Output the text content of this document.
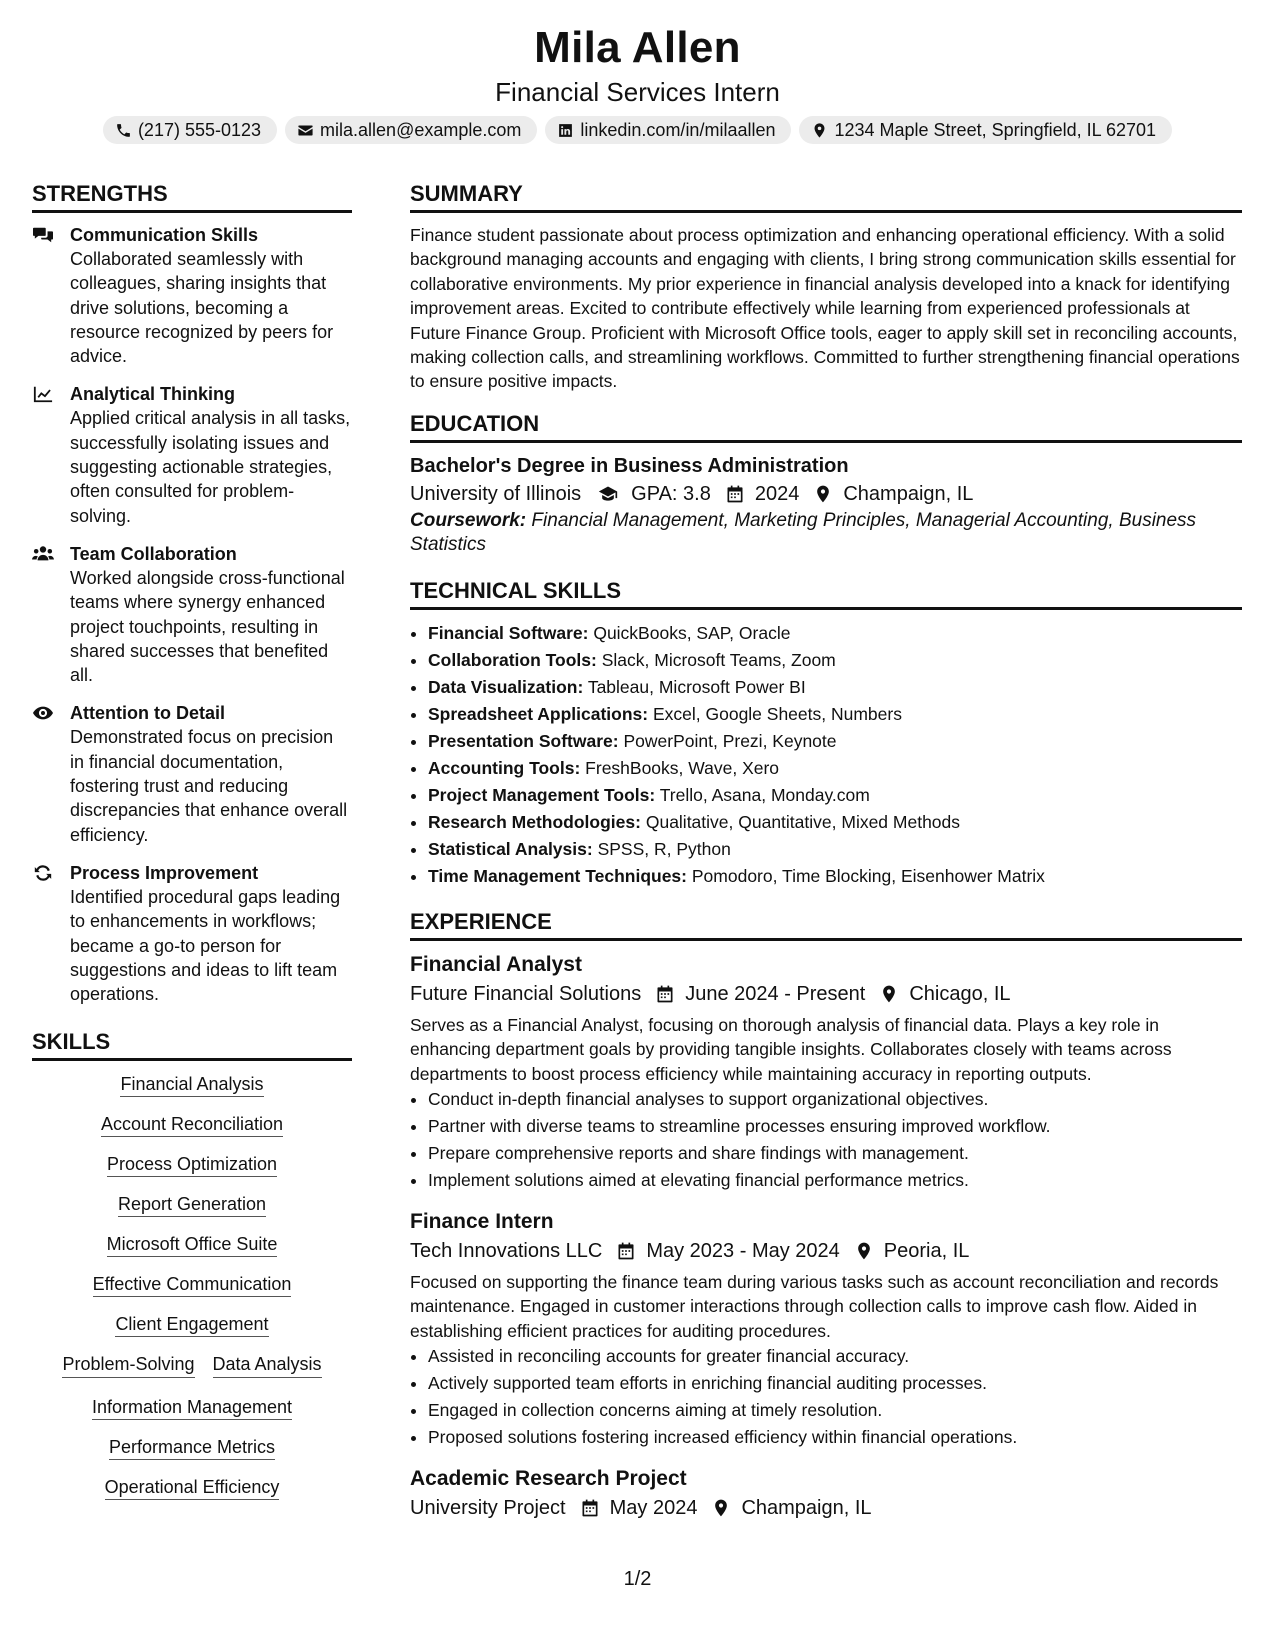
Mila Allen
Financial Services Intern
(217) 555-0123	mila.allen@example.com	linkedin.com/in/milaallen	1234 Maple Street, Springfield, IL 62701
STRENGTHS
Communication Skills
Collaborated seamlessly with colleagues, sharing insights that drive solutions, becoming a resource recognized by peers for advice.
Analytical Thinking
Applied critical analysis in all tasks, successfully isolating issues and suggesting actionable strategies, often consulted for problem-solving.
Team Collaboration
Worked alongside cross-functional teams where synergy enhanced project touchpoints, resulting in shared successes that benefited all.
Attention to Detail
Demonstrated focus on precision in financial documentation, fostering trust and reducing discrepancies that enhance overall efficiency.
Process Improvement
Identified procedural gaps leading to enhancements in workflows; became a go-to person for suggestions and ideas to lift team operations.
SKILLS
Financial Analysis
Account Reconciliation
Process Optimization
Report Generation
Microsoft Office Suite
Effective Communication
Client Engagement
Problem-Solving Data Analysis
Information Management
Performance Metrics
Operational Efficiency
SUMMARY
Finance student passionate about process optimization and enhancing operational efficiency. With a solid background managing accounts and engaging with clients, I bring strong communication skills essential for collaborative environments. My prior experience in financial analysis developed into a knack for identifying improvement areas. Excited to contribute effectively while learning from experienced professionals at Future Finance Group. Proficient with Microsoft Office tools, eager to apply skill set in reconciling accounts, making collection calls, and streamlining workflows. Committed to further strengthening financial operations to ensure positive impacts.
EDUCATION
Bachelor's Degree in Business Administration
University of Illinois	GPA: 3.8 2024 Champaign, IL
Coursework: Financial Management, Marketing Principles, Managerial Accounting, Business Statistics
TECHNICAL SKILLS
• Financial Software: QuickBooks, SAP, Oracle
• Collaboration Tools: Slack, Microsoft Teams, Zoom
• Data Visualization: Tableau, Microsoft Power BI
• Spreadsheet Applications: Excel, Google Sheets, Numbers
• Presentation Software: PowerPoint, Prezi, Keynote
• Accounting Tools: FreshBooks, Wave, Xero
• Project Management Tools: Trello, Asana, Monday.com
• Research Methodologies: Qualitative, Quantitative, Mixed Methods
• Statistical Analysis: SPSS, R, Python
• Time Management Techniques: Pomodoro, Time Blocking, Eisenhower Matrix
EXPERIENCE
Financial Analyst
Future Financial Solutions June 2024 - Present Chicago, IL
Serves as a Financial Analyst, focusing on thorough analysis of financial data. Plays a key role in enhancing department goals by providing tangible insights. Collaborates closely with teams across departments to boost process efficiency while maintaining accuracy in reporting outputs.
• Conduct in-depth financial analyses to support organizational objectives.
• Partner with diverse teams to streamline processes ensuring improved workflow.
• Prepare comprehensive reports and share findings with management.
• Implement solutions aimed at elevating financial performance metrics.
Finance Intern
Tech Innovations LLC May 2023 - May 2024 Peoria, IL
Focused on supporting the finance team during various tasks such as account reconciliation and records maintenance. Engaged in customer interactions through collection calls to improve cash flow. Aided in establishing efficient practices for auditing procedures.
• Assisted in reconciling accounts for greater financial accuracy.
• Actively supported team efforts in enriching financial auditing processes.
• Engaged in collection concerns aiming at timely resolution.
• Proposed solutions fostering increased efficiency within financial operations.
Academic Research Project
University Project May 2024 Champaign, IL
1/2
